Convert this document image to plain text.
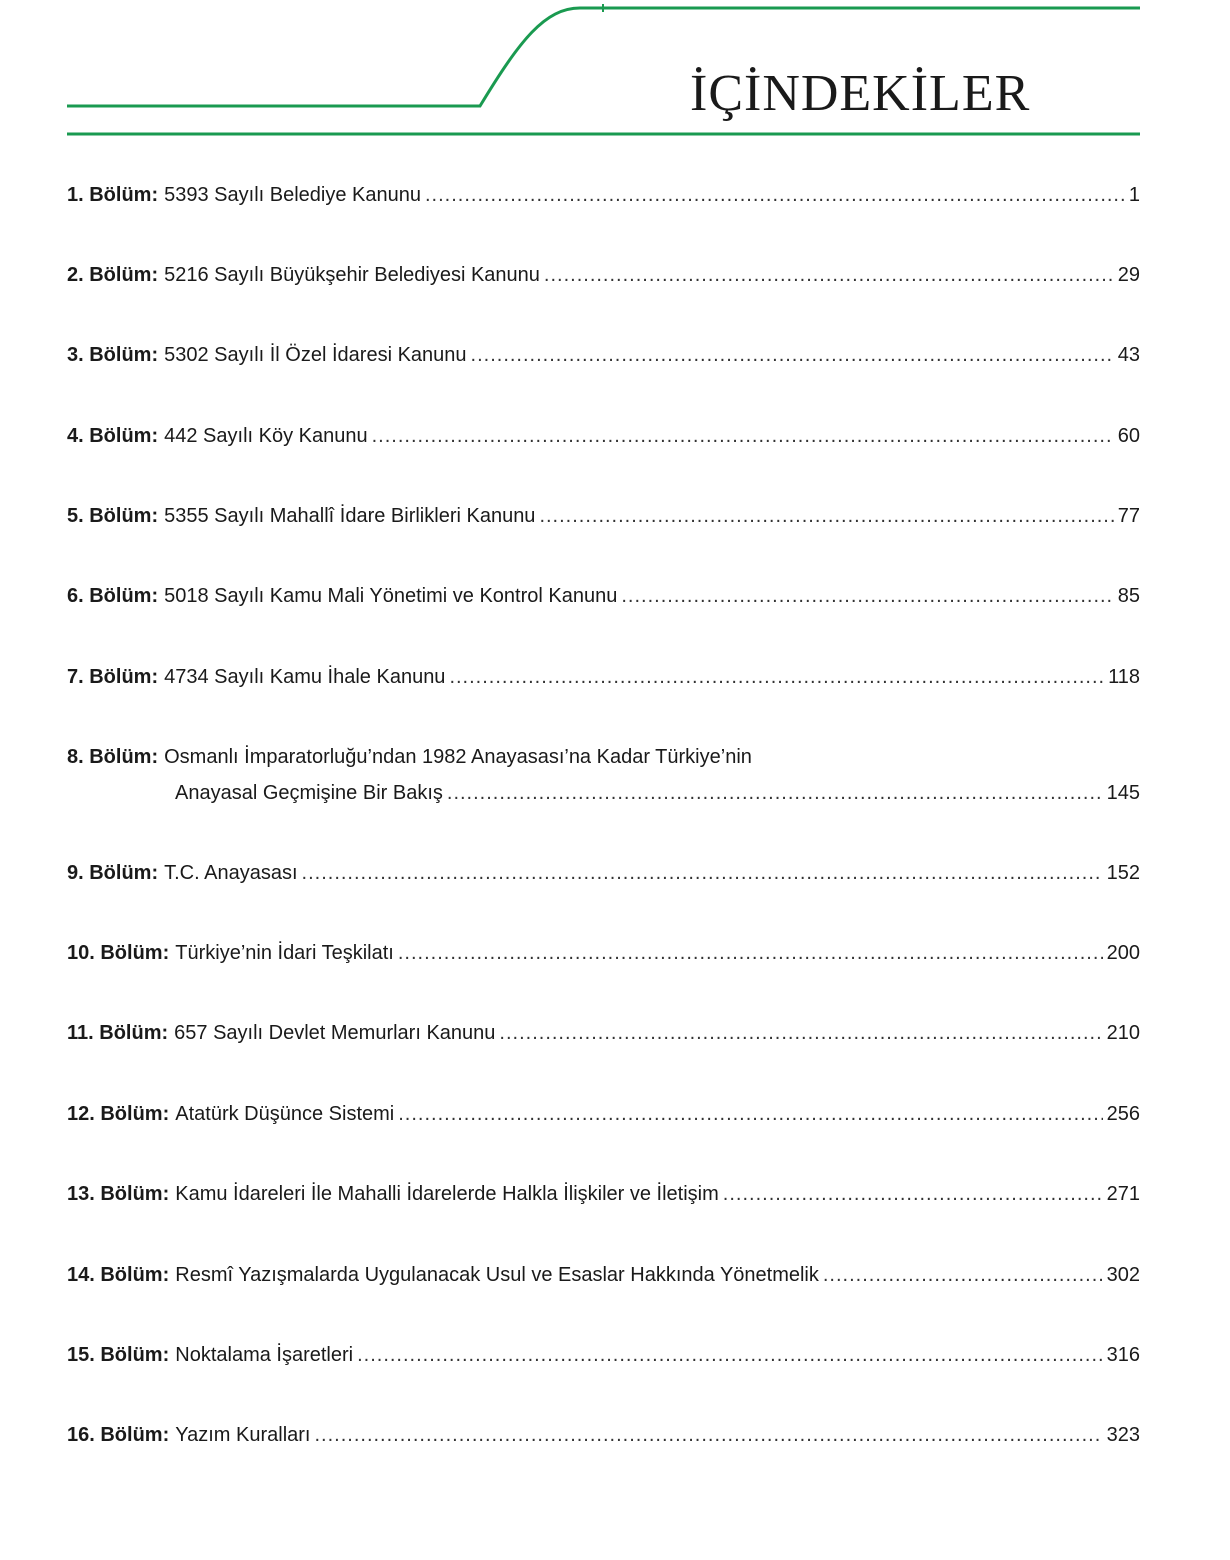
İÇİNDEKİLER
1. Bölüm: 5393 Sayılı Belediye Kanunu .....	1
2. Bölüm: 5216 Sayılı Büyükşehir Belediyesi Kanunu .....	29
3. Bölüm: 5302 Sayılı İl Özel İdaresi Kanunu .....	43
4. Bölüm: 442 Sayılı Köy Kanunu .....	60
5. Bölüm: 5355 Sayılı Mahallî İdare Birlikleri Kanunu .....	77
6. Bölüm: 5018 Sayılı Kamu Mali Yönetimi ve Kontrol Kanunu .....	85
7. Bölüm: 4734 Sayılı Kamu İhale Kanunu .....	118
8. Bölüm: Osmanlı İmparatorluğu’ndan 1982 Anayasası’na Kadar Türkiye’nin
Anayasal Geçmişine Bir Bakış .....	145
9. Bölüm: T.C. Anayasası .....	152
10. Bölüm: Türkiye’nin İdari Teşkilatı .....	200
11. Bölüm: 657 Sayılı Devlet Memurları Kanunu .....	210
12. Bölüm: Atatürk Düşünce Sistemi .....	256
13. Bölüm: Kamu İdareleri İle Mahalli İdarelerde Halkla İlişkiler ve İletişim .....	271
14. Bölüm: Resmî Yazışmalarda Uygulanacak Usul ve Esaslar Hakkında Yönetmelik .....	302
15. Bölüm: Noktalama İşaretleri .....	316
16. Bölüm: Yazım Kuralları .....	323
